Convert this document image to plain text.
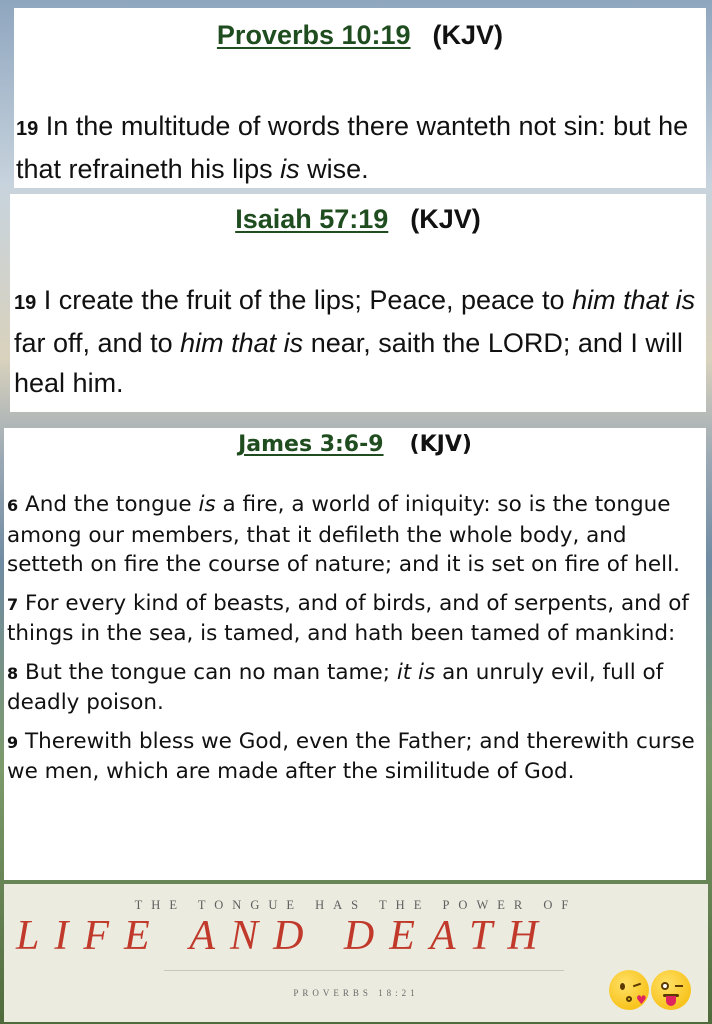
Proverbs 10:19 (KJV)
19 In the multitude of words there wanteth not sin: but he that refraineth his lips is wise.
Isaiah 57:19 (KJV)
19 I create the fruit of the lips; Peace, peace to him that is far off, and to him that is near, saith the LORD; and I will heal him.
James 3:6-9 (KJV)
6 And the tongue is a fire, a world of iniquity: so is the tongue among our members, that it defileth the whole body, and setteth on fire the course of nature; and it is set on fire of hell.
7 For every kind of beasts, and of birds, and of serpents, and of things in the sea, is tamed, and hath been tamed of mankind:
8 But the tongue can no man tame; it is an unruly evil, full of deadly poison.
9 Therewith bless we God, even the Father; and therewith curse we men, which are made after the similitude of God.
THE TONGUE HAS THE POWER OF
LIFE AND DEATH
PROVERBS 18:21	♥
